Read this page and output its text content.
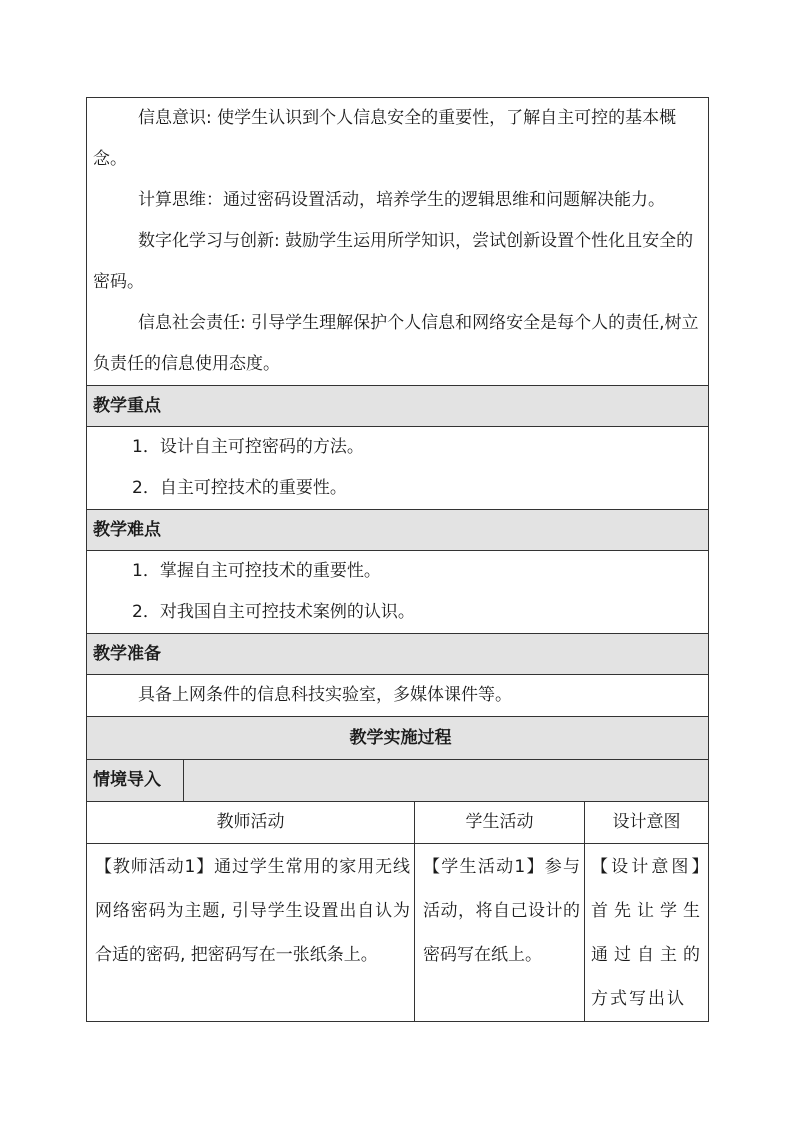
信息意识: 使学生认识到个人信息安全的重要性，了解自主可控的基本概念。

计算思维：通过密码设置活动，培养学生的逻辑思维和问题解决能力。

数字化学习与创新: 鼓励学生运用所学知识，尝试创新设置个性化且安全的密码。

信息社会责任: 引导学生理解保护个人信息和网络安全是每个人的责任,树立负责任的信息使用态度。			

教学重点			

1．设计自主可控密码的方法。

2．自主可控技术的重要性。			

教学难点			

1．掌握自主可控技术的重要性。

2．对我国自主可控技术案例的认识。			

教学准备			

具备上网条件的信息科技实验室，多媒体课件等。			

教学实施过程			
情境导入			
教师活动		学生活动	设计意图

【教师活动1】通过学生常用的家用无线网络密码为主题, 引导学生设置出自认为合适的密码, 把密码写在一张纸条上。		【学生活动1】参与活动，将自己设计的密码写在纸上。	【设计意图】首先让学生通过自主的方式写出认
